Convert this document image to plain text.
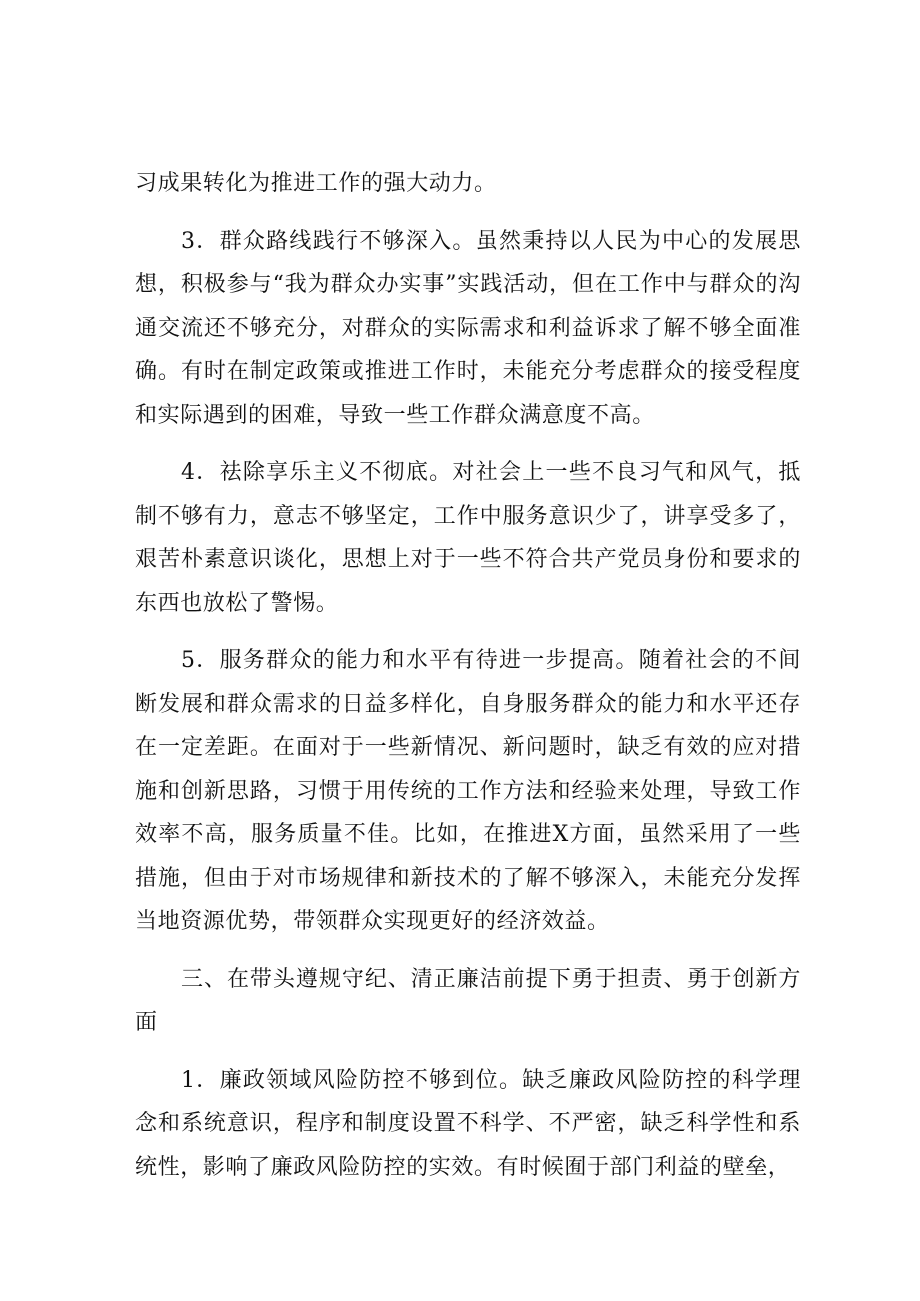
习成果转化为推进工作的强大动力。

3．群众路线践行不够深入。虽然秉持以人民为中心的发展思想，积极参与“我为群众办实事”实践活动，但在工作中与群众的沟通交流还不够充分，对群众的实际需求和利益诉求了解不够全面准确。有时在制定政策或推进工作时，未能充分考虑群众的接受程度和实际遇到的困难，导致一些工作群众满意度不高。

4．祛除享乐主义不彻底。对社会上一些不良习气和风气，抵制不够有力，意志不够坚定，工作中服务意识少了，讲享受多了，艰苦朴素意识谈化，思想上对于一些不符合共产党员身份和要求的东西也放松了警惕。

5．服务群众的能力和水平有待进一步提高。随着社会的不间断发展和群众需求的日益多样化，自身服务群众的能力和水平还存在一定差距。在面对于一些新情况、新问题时，缺乏有效的应对措施和创新思路，习惯于用传统的工作方法和经验来处理，导致工作效率不高，服务质量不佳。比如，在推进X方面，虽然采用了一些措施，但由于对市场规律和新技术的了解不够深入，未能充分发挥当地资源优势，带领群众实现更好的经济效益。

三、在带头遵规守纪、清正廉洁前提下勇于担责、勇于创新方面

1．廉政领域风险防控不够到位。缺乏廉政风险防控的科学理念和系统意识，程序和制度设置不科学、不严密，缺乏科学性和系统性，影响了廉政风险防控的实效。有时候囿于部门利益的壁垒，
